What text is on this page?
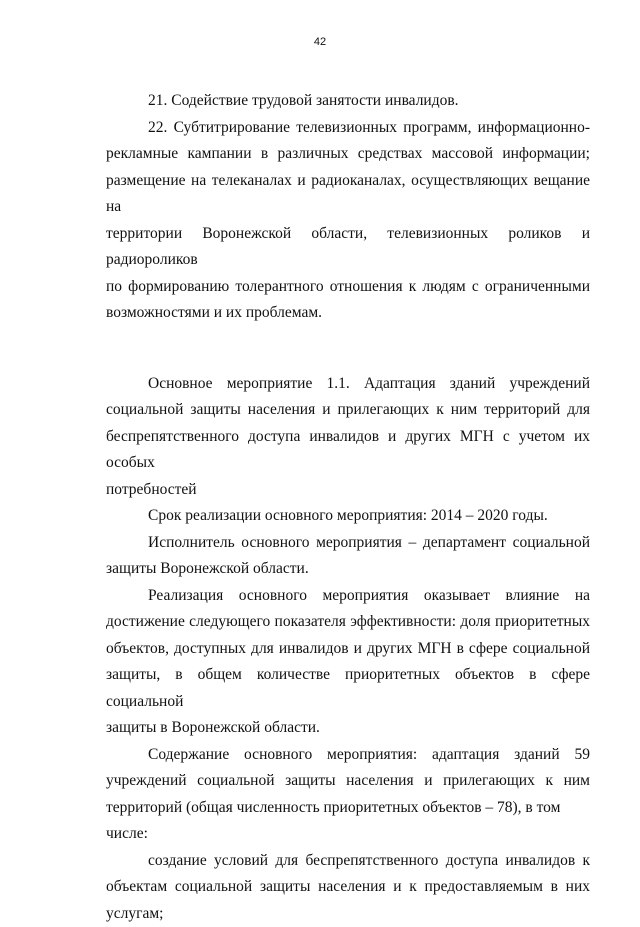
42

21. Содействие трудовой занятости инвалидов.

22. Субтитрирование телевизионных программ, информационно-

рекламные кампании в различных средствах массовой информации;

размещение на телеканалах и радиоканалах, осуществляющих вещание на

территории Воронежской области, телевизионных роликов и радиороликов

по формированию толерантного отношения к людям с ограниченными

возможностями и их проблемам.

Основное мероприятие 1.1. Адаптация зданий учреждений

социальной защиты населения и прилегающих к ним территорий для

беспрепятственного доступа инвалидов и других МГН с учетом их особых

потребностей

Срок реализации основного мероприятия: 2014 – 2020 годы.

Исполнитель основного мероприятия – департамент социальной

защиты Воронежской области.

Реализация основного мероприятия оказывает влияние на

достижение следующего показателя эффективности: доля приоритетных

объектов, доступных для инвалидов и других МГН в сфере социальной

защиты, в общем количестве приоритетных объектов в сфере социальной

защиты в Воронежской области.

Содержание основного мероприятия: адаптация зданий 59

учреждений социальной защиты населения и прилегающих к ним

территорий (общая численность приоритетных объектов – 78), в том числе:

создание условий для беспрепятственного доступа инвалидов к

объектам социальной защиты населения и к предоставляемым в них

услугам;
